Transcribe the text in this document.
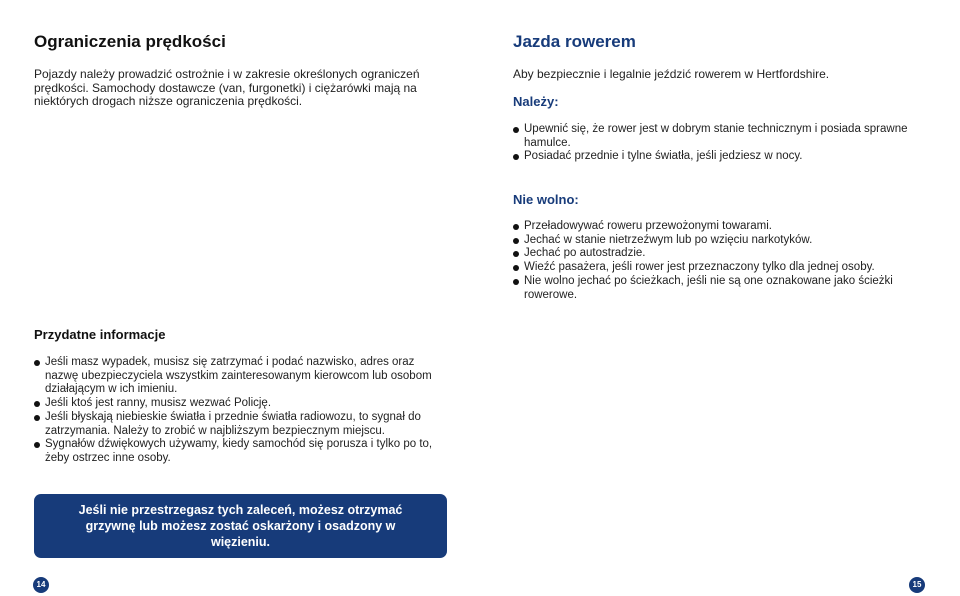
Ograniczenia prędkości

Pojazdy należy prowadzić ostrożnie i w zakresie określonych ograniczeń prędkości. Samochody dostawcze (van, furgonetki) i ciężarówki mają na niektórych drogach niższe ograniczenia prędkości.

Przydatne informacje
Jeśli masz wypadek, musisz się zatrzymać i podać nazwisko, adres oraz nazwę ubezpieczyciela wszystkim zainteresowanym kierowcom lub osobom działającym w ich imieniu.
Jeśli ktoś jest ranny, musisz wezwać Policję.
Jeśli błyskają niebieskie światła i przednie światła radiowozu, to sygnał do zatrzymania. Należy to zrobić w najbliższym bezpiecznym miejscu.
Sygnałów dźwiękowych używamy, kiedy samochód się porusza i tylko po to, żeby ostrzec inne osoby.

Jeśli nie przestrzegasz tych zaleceń, możesz otrzymać grzywnę lub możesz zostać oskarżony i osadzony w więzieniu.

14
Jazda rowerem

Aby bezpiecznie i legalnie jeździć rowerem w Hertfordshire.

Należy:
Upewnić się, że rower jest w dobrym stanie technicznym i posiada sprawne hamulce.
Posiadać przednie i tylne światła, jeśli jedziesz w nocy.
Nie wolno:
Przeładowywać roweru przewożonymi towarami.
Jechać w stanie nietrzeźwym lub po wzięciu narkotyków.
Jechać po autostradzie.
Wieźć pasażera, jeśli rower jest przeznaczony tylko dla jednej osoby.
Nie wolno jechać po ścieżkach, jeśli nie są one oznakowane jako ścieżki rowerowe.
15
